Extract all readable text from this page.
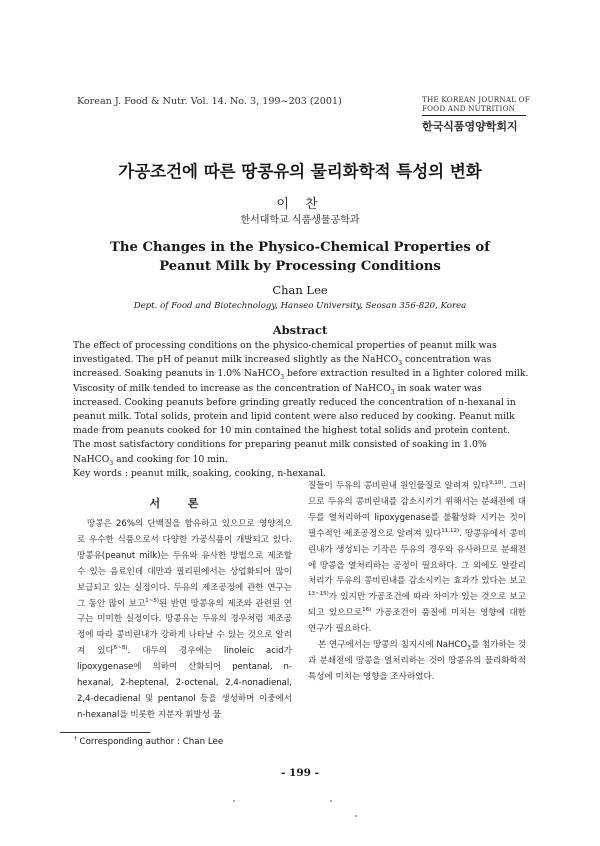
Korean J. Food & Nutr. Vol. 14. No. 3, 199~203 (2001)	THE KOREAN JOURNAL OF
FOOD AND NUTRITION
한국식품영양학회지
가공조건에 따른 땅콩유의 물리화학적 특성의 변화
이 찬
한서대학교 식품생물공학과
The Changes in the Physico-Chemical Properties of Peanut Milk by Processing Conditions
Chan Lee
Dept. of Food and Biotechnology, Hanseo University, Seosan 356-820, Korea
Abstract

The effect of processing conditions on the physico-chemical properties of peanut milk was investigated. The pH of peanut milk increased slightly as the NaHCO$_3$ concentration was increased. Soaking peanuts in 1.0% NaHCO$_3$ before extraction resulted in a lighter colored milk. Viscosity of milk tended to increase as the concentration of NaHCO$_3$ in soak water was increased. Cooking peanuts before grinding greatly reduced the concentration of n-hexanal in peanut milk. Total solids, protein and lipid content were also reduced by cooking. Peanut milk made from peanuts cooked for 10 min contained the highest total solids and protein content. The most satisfactory conditions for preparing peanut milk consisted of soaking in 1.0% NaHCO$_3$ and cooking for 10 min.

Key words : peanut milk, soaking, cooking, n-hexanal.

서 론
땅콩은 26%의 단백질을 함유하고 있으므로 영양적으로 우수한 식품으로서 다양한 가공식품이 개발되고 있다. 땅콩유(peanut milk)는 두유와 유사한 방법으로 제조할 수 있는 음료인데 대만과 필리핀에서는 상업화되어 많이 보급되고 있는 실정이다. 두유의 제조공정에 관한 연구는 그 동안 많이 보고$^{1\sim 5)}$된 반면 땅콩유의 제조와 관련된 연구는 미미한 실정이다. 땅콩유는 두유의 경우처럼 제조공정에 따라 콩비린내가 강하게 나타날 수 있는 것으로 알려져 있다$^{6\sim 8)}$. 대두의 경우에는 linoleic acid가 lipoxygenase에 의하여 산화되어 pentanal, n-hexanal, 2-heptenal, 2-octenal, 2,4-nonadienal, 2,4-decadienal 및 pentanol 등을 생성하며 이중에서 n-hexanal을 비롯한 지분자 휘발성 물

질들이 두유의 콩비린내 원인물질로 알려져 있다$^{9,10)}$. 그러므로 두유의 콩비린내를 감소시키기 위해서는 분쇄전에 대두를 열처리하여 lipoxygenase를 불활성화 시키는 것이 필수적인 제조공정으로 알려져 있다$^{11,12)}$. 땅콩유에서 콩비린내가 생성되는 기작은 두유의 경우와 유사하므로 분쇄전에 땅콩을 열처리하는 공정이 필요하다. 그 외에도 알칼리 처리가 두유의 콩비린내를 감소시키는 효과가 있다는 보고$^{13\sim 15)}$가 있지만 가공조건에 따라 차이가 있는 것으로 보고되고 있으므로$^{16)}$ 가공조건이 품질에 미치는 영향에 대한 연구가 필요하다.

본 연구에서는 땅콩의 침지시에 NaHCO$_3$를 첨가하는 것과 분쇄전에 땅콩을 열처리하는 것이 땅콩유의 물리화학적 특성에 미치는 영향을 조사하였다.

† Corresponding author : Chan Lee
- 199 -
